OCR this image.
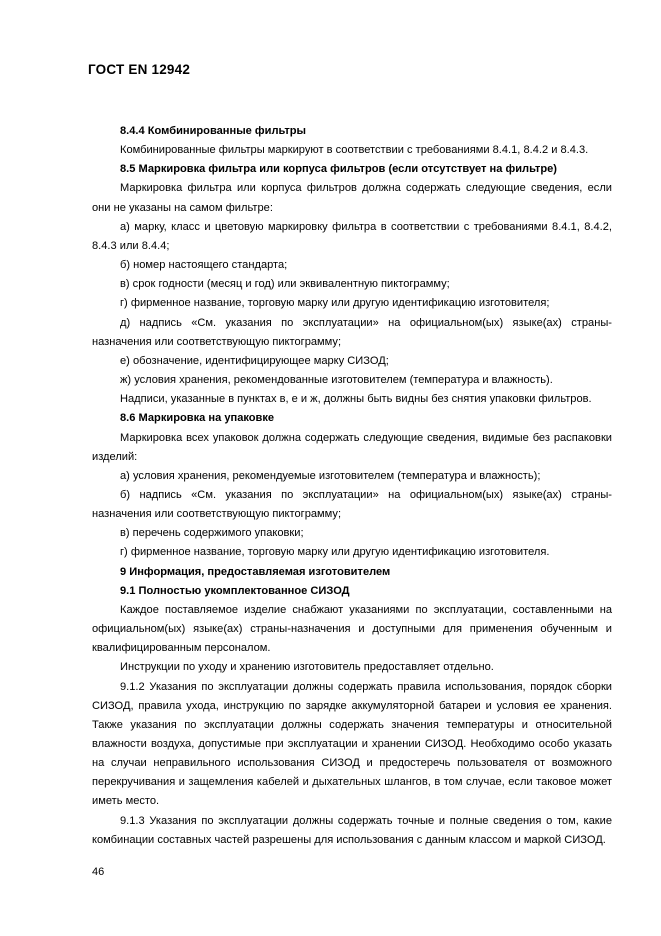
ГОСТ EN 12942

8.4.4 Комбинированные фильтры

Комбинированные фильтры маркируют в соответствии с требованиями 8.4.1, 8.4.2 и 8.4.3.

8.5 Маркировка фильтра или корпуса фильтров (если отсутствует на фильтре)

Маркировка фильтра или корпуса фильтров должна содержать следующие сведения, если они не указаны на самом фильтре:

а) марку, класс и цветовую маркировку фильтра в соответствии с требованиями 8.4.1, 8.4.2, 8.4.3 или 8.4.4;

б) номер настоящего стандарта;

в) срок годности (месяц и год) или эквивалентную пиктограмму;

г) фирменное название, торговую марку или другую идентификацию изготовителя;

д) надпись «См. указания по эксплуатации» на официальном(ых) языке(ах) страны-назначения или соответствующую пиктограмму;

е) обозначение, идентифицирующее марку СИЗОД;

ж) условия хранения, рекомендованные изготовителем (температура и влажность).

Надписи, указанные в пунктах в, е и ж, должны быть видны без снятия упаковки фильтров.

8.6 Маркировка на упаковке

Маркировка всех упаковок должна содержать следующие сведения, видимые без распаковки изделий:

а) условия хранения, рекомендуемые изготовителем (температура и влажность);

б) надпись «См. указания по эксплуатации» на официальном(ых) языке(ах) страны-назначения или соответствующую пиктограмму;

в) перечень содержимого упаковки;

г) фирменное название, торговую марку или другую идентификацию изготовителя.

9 Информация, предоставляемая изготовителем

9.1 Полностью укомплектованное СИЗОД

Каждое поставляемое изделие снабжают указаниями по эксплуатации, составленными на официальном(ых) языке(ах) страны-назначения и доступными для применения обученным и квалифицированным персоналом.

Инструкции по уходу и хранению изготовитель предоставляет отдельно.

9.1.2 Указания по эксплуатации должны содержать правила использования, порядок сборки СИЗОД, правила ухода, инструкцию по зарядке аккумуляторной батареи и условия ее хранения. Также указания по эксплуатации должны содержать значения температуры и относительной влажности воздуха, допустимые при эксплуатации и хранении СИЗОД. Необходимо особо указать на случаи неправильного использования СИЗОД и предостеречь пользователя от возможного перекручивания и защемления кабелей и дыхательных шлангов, в том случае, если таковое может иметь место.

9.1.3 Указания по эксплуатации должны содержать точные и полные сведения о том, какие комбинации составных частей разрешены для использования с данным классом и маркой СИЗОД.

46
